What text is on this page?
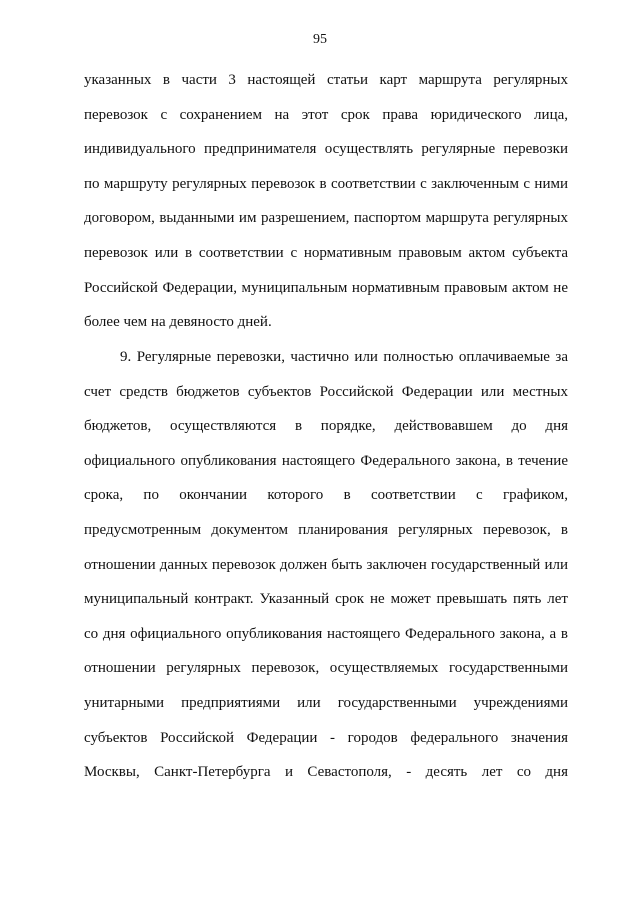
95
указанных в части 3 настоящей статьи карт маршрута регулярных
перевозок с сохранением на этот срок права юридического лица,
индивидуального предпринимателя осуществлять регулярные перевозки
по маршруту регулярных перевозок в соответствии с заключенным с ними
договором, выданными им разрешением, паспортом маршрута регулярных
перевозок или в соответствии с нормативным правовым актом субъекта
Российской Федерации, муниципальным нормативным правовым актом не
более чем на девяносто дней.
9. Регулярные перевозки, частично или полностью оплачиваемые за
счет средств бюджетов субъектов Российской Федерации или местных
бюджетов, осуществляются в порядке, действовавшем до дня
официального опубликования настоящего Федерального закона, в течение
срока, по окончании которого в соответствии с графиком,
предусмотренным документом планирования регулярных перевозок, в
отношении данных перевозок должен быть заключен государственный или
муниципальный контракт. Указанный срок не может превышать пять лет
со дня официального опубликования настоящего Федерального закона, а в
отношении регулярных перевозок, осуществляемых государственными
унитарными предприятиями или государственными учреждениями
субъектов Российской Федерации - городов федерального значения
Москвы, Санкт-Петербурга и Севастополя, - десять лет со дня
